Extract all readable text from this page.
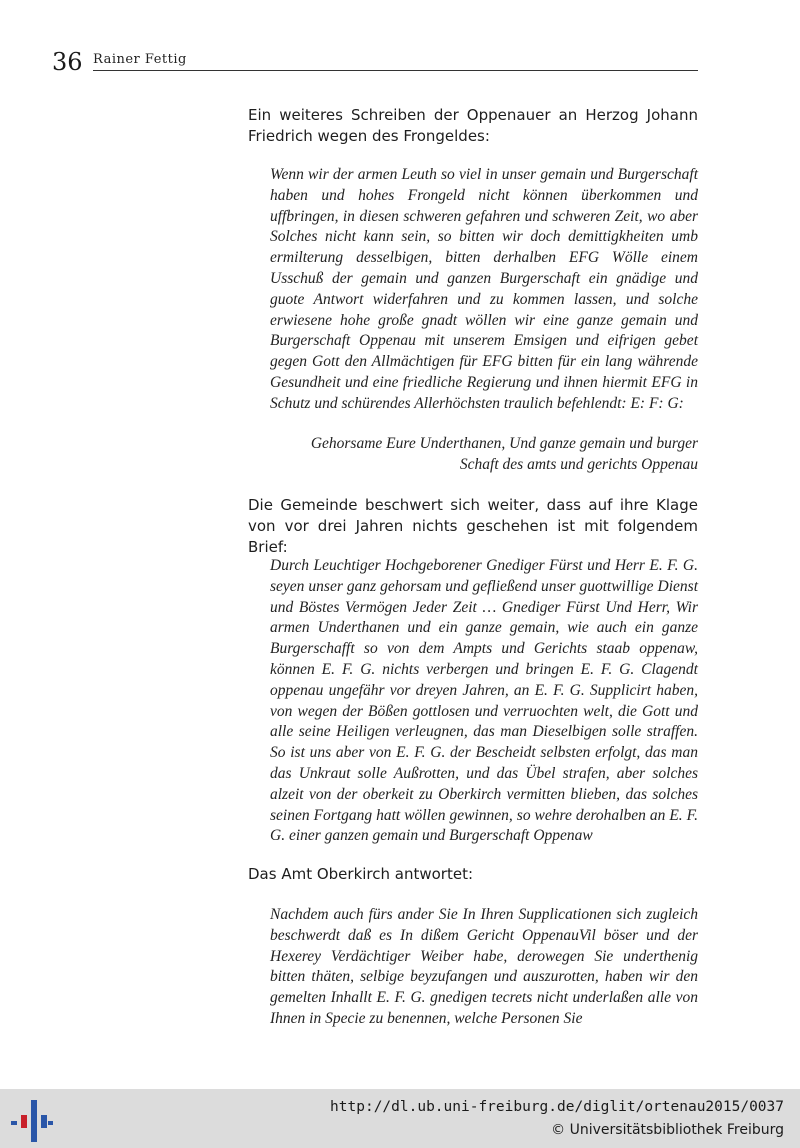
36 Rainer Fettig
Ein weiteres Schreiben der Oppenauer an Herzog Johann Friedrich wegen des Frongeldes:
Wenn wir der armen Leuth so viel in unser gemain und Burgerschaft haben und hohes Frongeld nicht können überkommen und uffbringen, in diesen schweren gefahren und schweren Zeit, wo aber Solches nicht kann sein, so bitten wir doch demittigkheiten umb ermilterung desselbigen, bitten derhalben EFG Wölle einem Usschuß der gemain und ganzen Burgerschaft ein gnädige und guote Antwort widerfahren und zu kommen lassen, und solche erwiesene hohe große gnadt wöllen wir eine ganze gemain und Burgerschaft Oppenau mit unserem Emsigen und eifrigen gebet gegen Gott den Allmächtigen für EFG bitten für ein lang währende Gesundheit und eine friedliche Regierung und ihnen hiermit EFG in Schutz und schürendes Allerhöchsten traulich befehlendt: E: F: G:
Gehorsame Eure Underthanen, Und ganze gemain und burger
Schaft des amts und gerichts Oppenau
Die Gemeinde beschwert sich weiter, dass auf ihre Klage von vor drei Jahren nichts geschehen ist mit folgendem Brief:
Durch Leuchtiger Hochgeborener Gnediger Fürst und Herr E. F. G. seyen unser ganz gehorsam und gefließend unser guottwillige Dienst und Böstes Vermögen Jeder Zeit … Gnediger Fürst Und Herr, Wir armen Underthanen und ein ganze gemain, wie auch ein ganze Burgerschafft so von dem Ampts und Gerichts staab oppenaw, können E. F. G. nichts verbergen und bringen E. F. G. Clagendt oppenau ungefähr vor dreyen Jahren, an E. F. G. Supplicirt haben, von wegen der Bößen gottlosen und verruochten welt, die Gott und alle seine Heiligen verleugnen, das man Dieselbigen solle straffen. So ist uns aber von E. F. G. der Bescheidt selbsten erfolgt, das man das Unkraut solle Außrotten, und das Übel strafen, aber solches alzeit von der oberkeit zu Oberkirch vermitten blieben, das solches seinen Fortgang hatt wöllen gewinnen, so wehre derohalben an E. F. G. einer ganzen gemain und Burgerschaft Oppenaw
Das Amt Oberkirch antwortet:
Nachdem auch fürs ander Sie In Ihren Supplicationen sich zugleich beschwerdt daß es In dißem Gericht OppenauVil böser und der Hexerey Verdächtiger Weiber habe, derowegen Sie underthenig bitten thäten, selbige beyzufangen und auszurotten, haben wir den gemelten Inhallt E. F. G. gnedigen tecrets nicht underlaßen alle von Ihnen in Specie zu benennen, welche Personen Sie
http://dl.ub.uni-freiburg.de/diglit/ortenau2015/0037
© Universitätsbibliothek Freiburg
